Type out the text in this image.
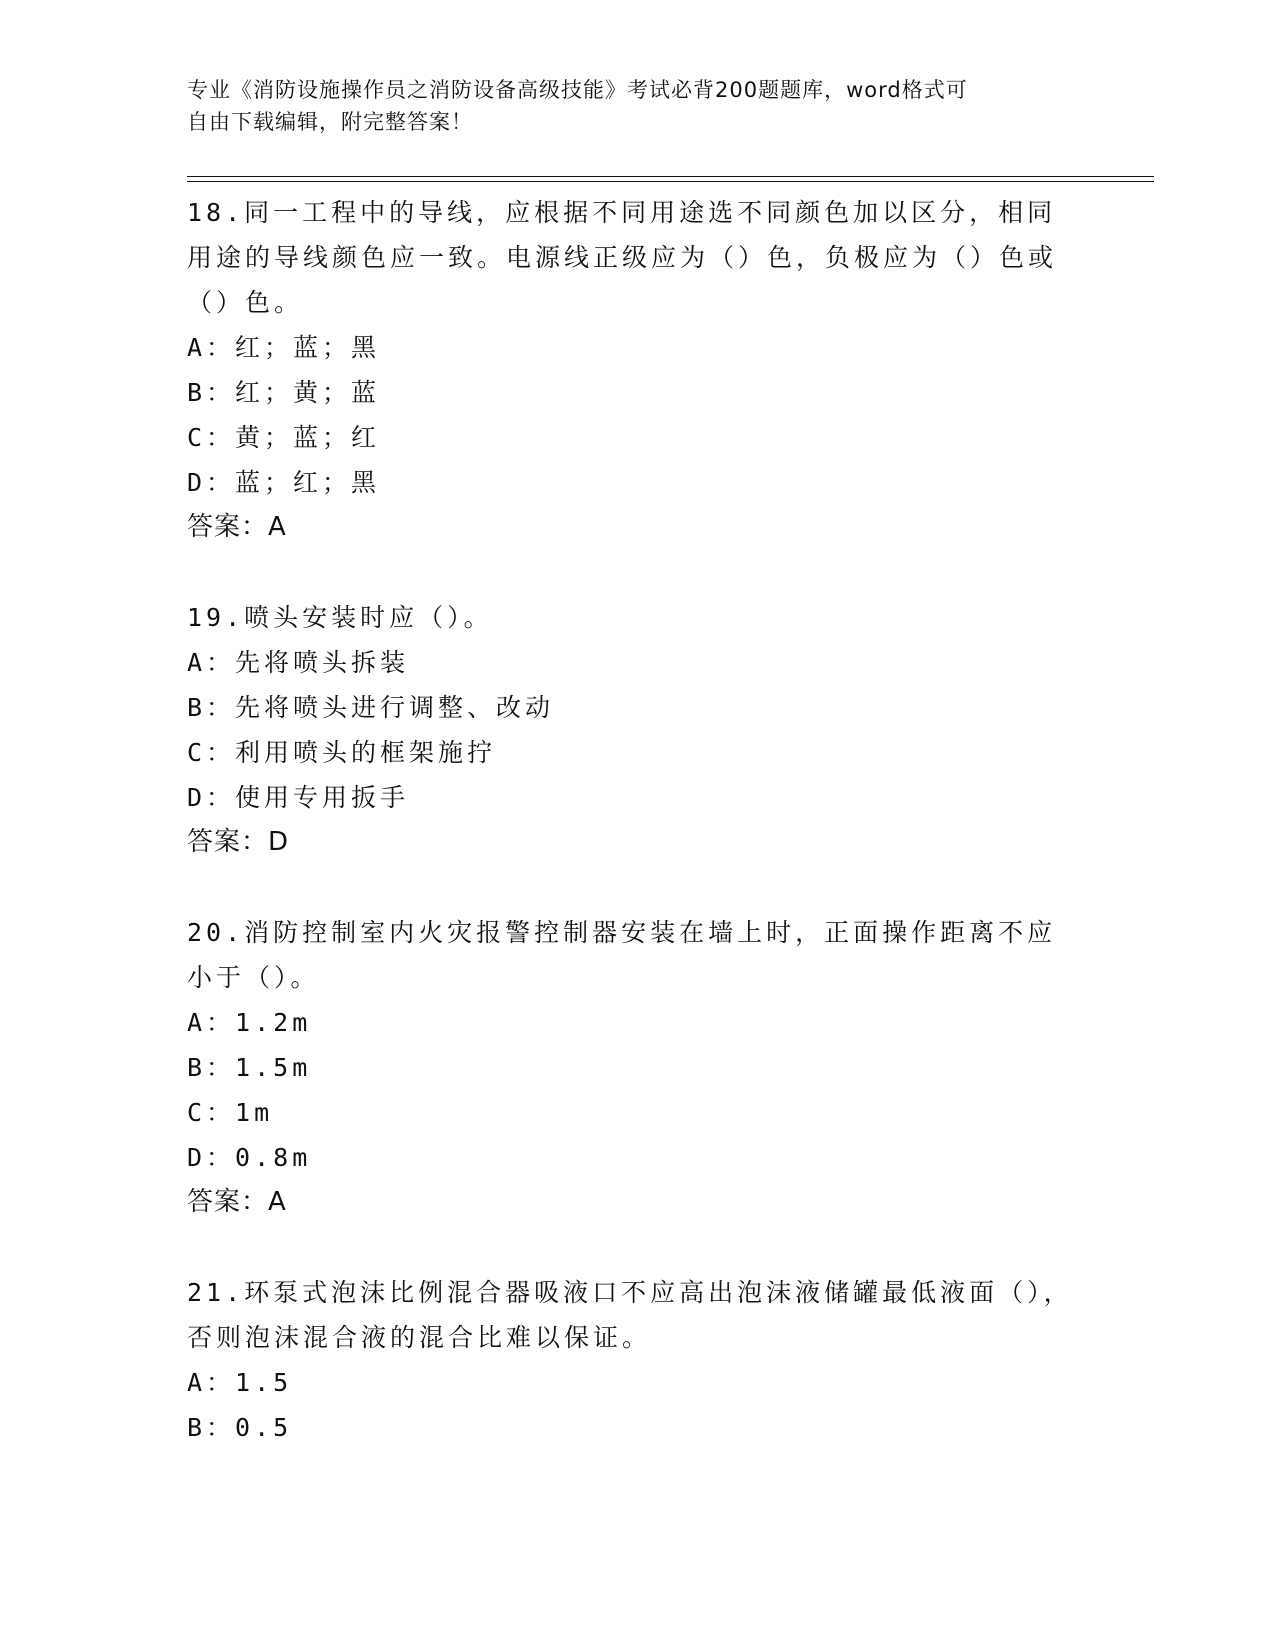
专业《消防设施操作员之消防设备高级技能》考试必背200题题库，word格式可
自由下载编辑，附完整答案！

18.同一工程中的导线，应根据不同用途选不同颜色加以区分，相同用途的导线颜色应一致。电源线正级应为（）色，负极应为（）色或（）色。

A：红；蓝；黑

B：红；黄；蓝

C：黄；蓝；红

D：蓝；红；黑

答案：A

19.喷头安装时应（）。

A：先将喷头拆装

B：先将喷头进行调整、改动

C：利用喷头的框架施拧

D：使用专用扳手

答案：D

20.消防控制室内火灾报警控制器安装在墙上时，正面操作距离不应小于（）。

A：1.2m

B：1.5m

C：1m

D：0.8m

答案：A

21.环泵式泡沫比例混合器吸液口不应高出泡沫液储罐最低液面（），否则泡沫混合液的混合比难以保证。

A：1.5

B：0.5
